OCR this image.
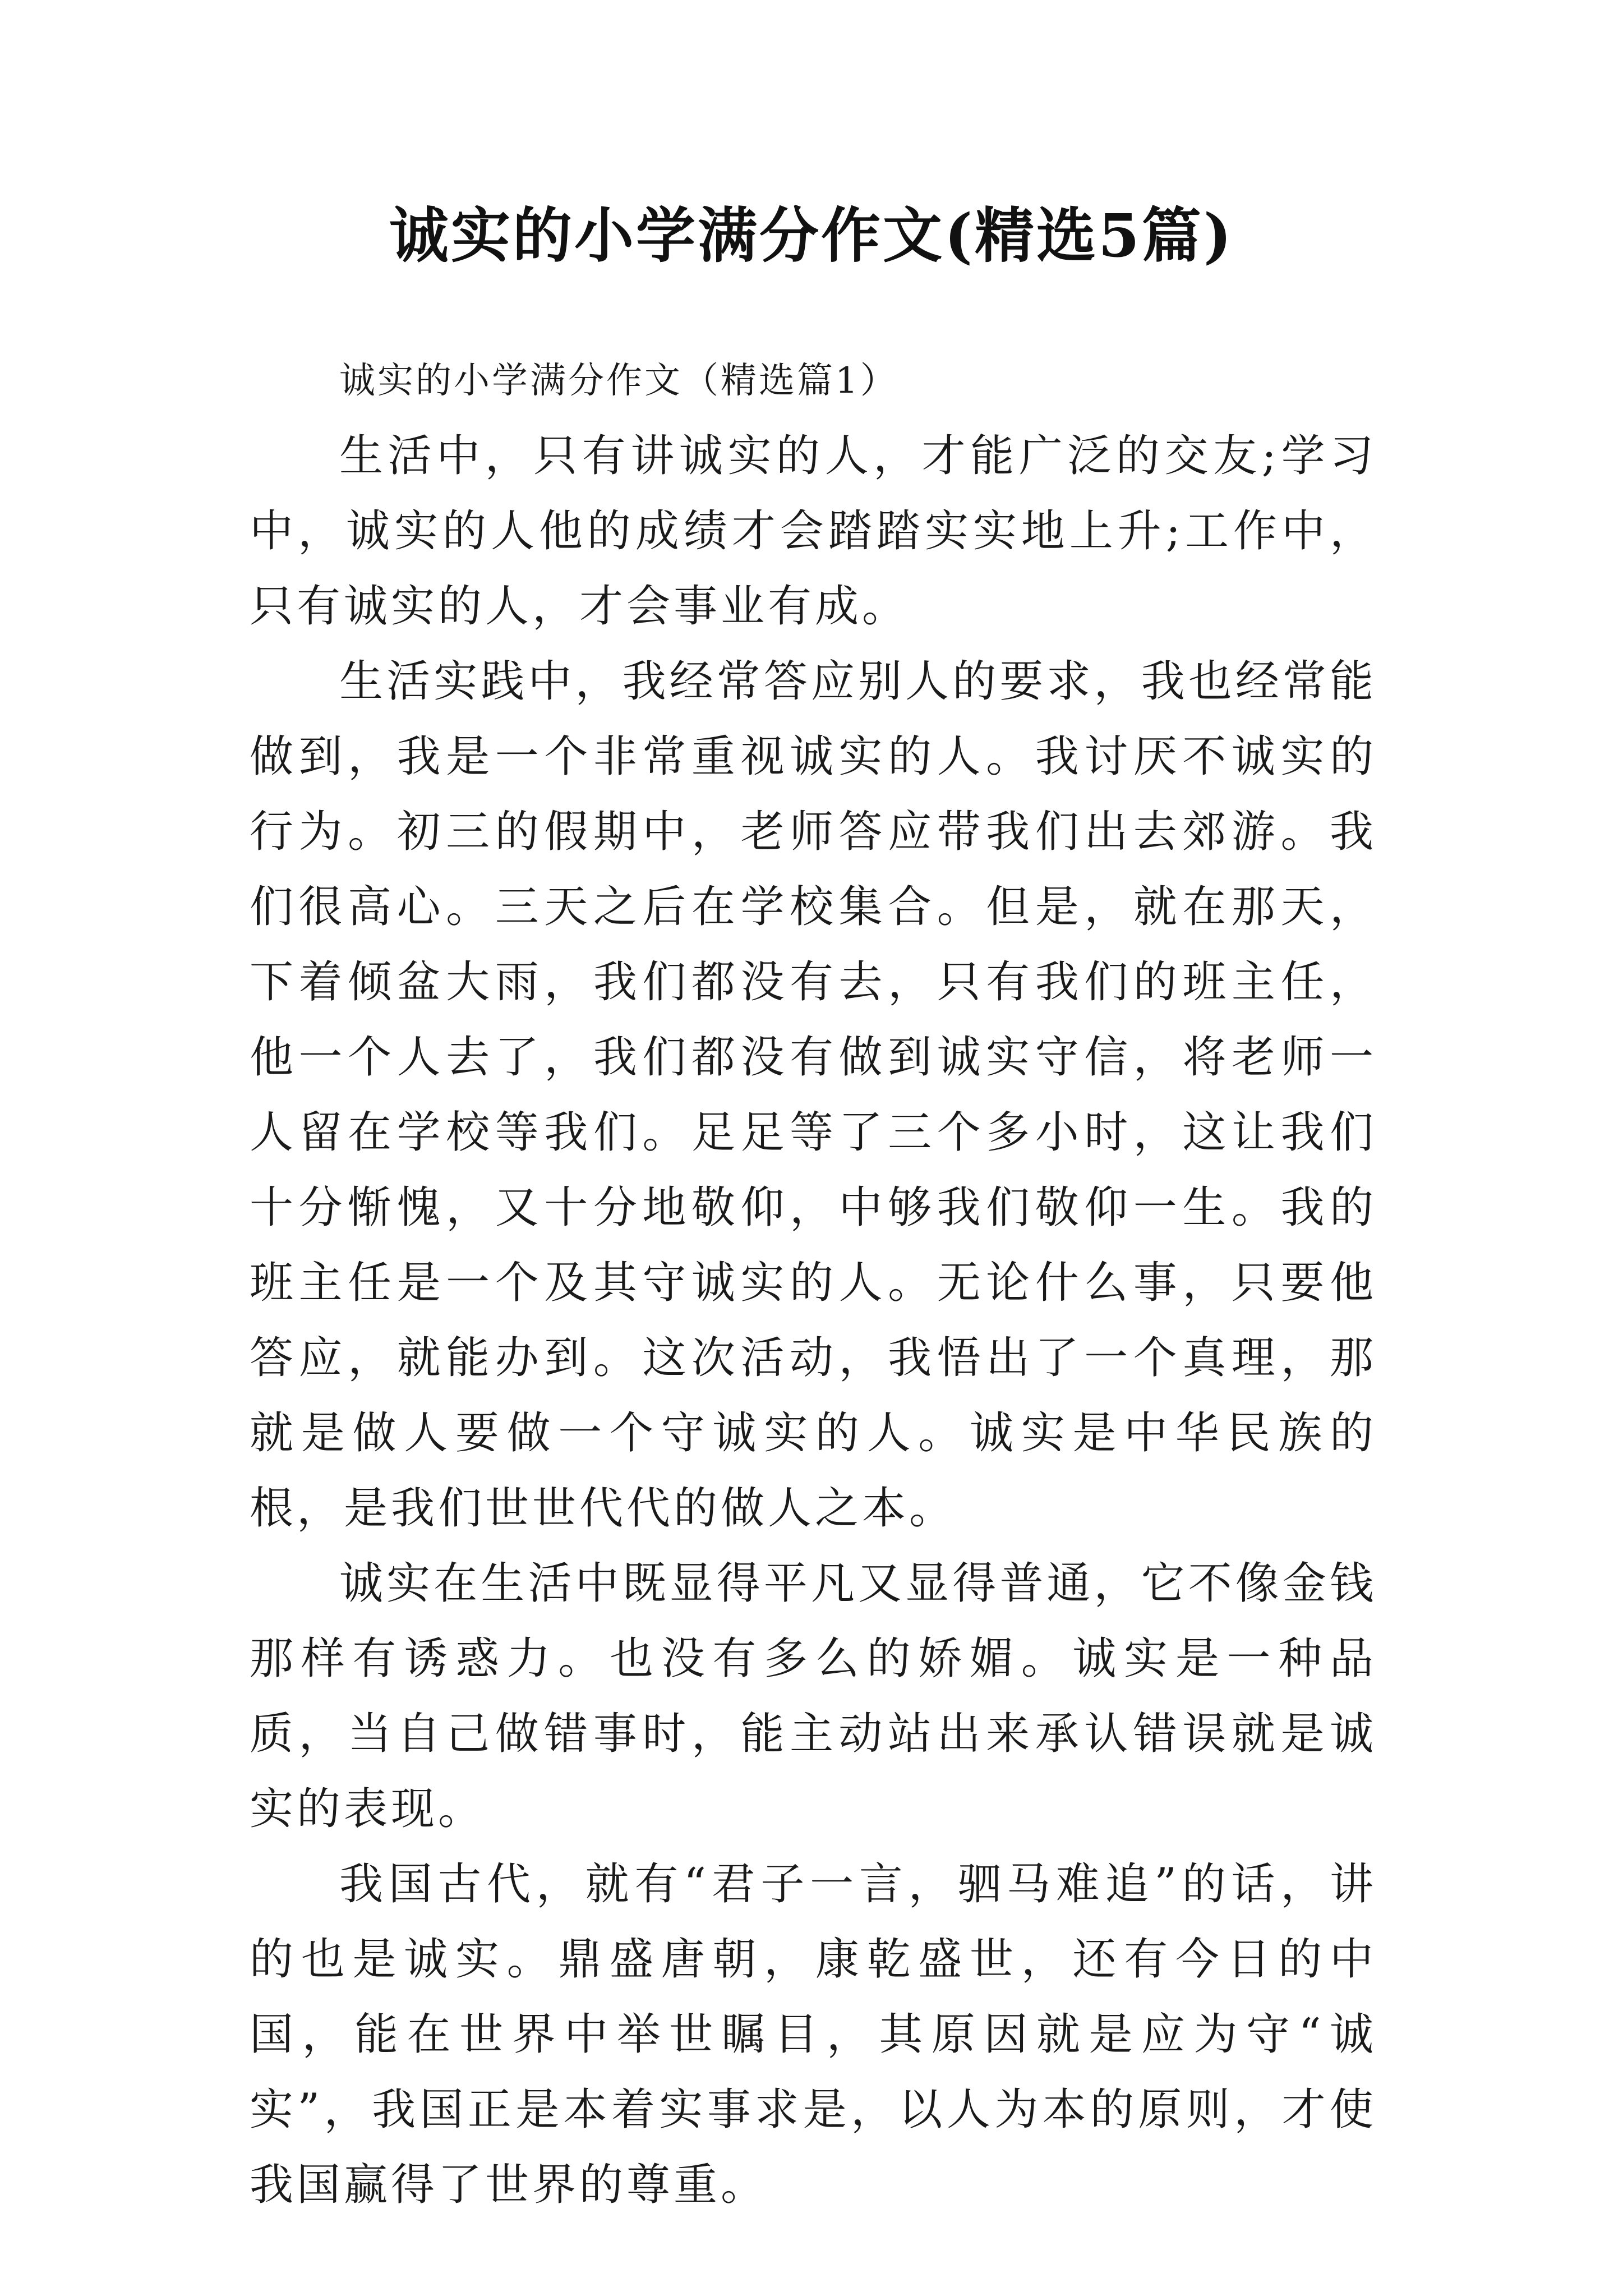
诚实的小学满分作文(精选5篇)

诚实的小学满分作文（精选篇1）

生活中，只有讲诚实的人，才能广泛的交友;学习中，诚实的人他的成绩才会踏踏实实地上升;工作中，只有诚实的人，才会事业有成。

生活实践中，我经常答应别人的要求，我也经常能做到，我是一个非常重视诚实的人。我讨厌不诚实的行为。初三的假期中，老师答应带我们出去郊游。我们很高心。三天之后在学校集合。但是，就在那天，下着倾盆大雨，我们都没有去，只有我们的班主任，他一个人去了，我们都没有做到诚实守信，将老师一人留在学校等我们。足足等了三个多小时，这让我们十分惭愧，又十分地敬仰，中够我们敬仰一生。我的班主任是一个及其守诚实的人。无论什么事，只要他答应，就能办到。这次活动，我悟出了一个真理，那就是做人要做一个守诚实的人。诚实是中华民族的根，是我们世世代代的做人之本。

诚实在生活中既显得平凡又显得普通，它不像金钱那样有诱惑力。也没有多么的娇媚。诚实是一种品质，当自己做错事时，能主动站出来承认错误就是诚实的表现。

我国古代，就有“君子一言，驷马难追”的话，讲的也是诚实。鼎盛唐朝，康乾盛世，还有今日的中国，能在世界中举世瞩目，其原因就是应为守“诚实”，我国正是本着实事求是，以人为本的原则，才使我国赢得了世界的尊重。
